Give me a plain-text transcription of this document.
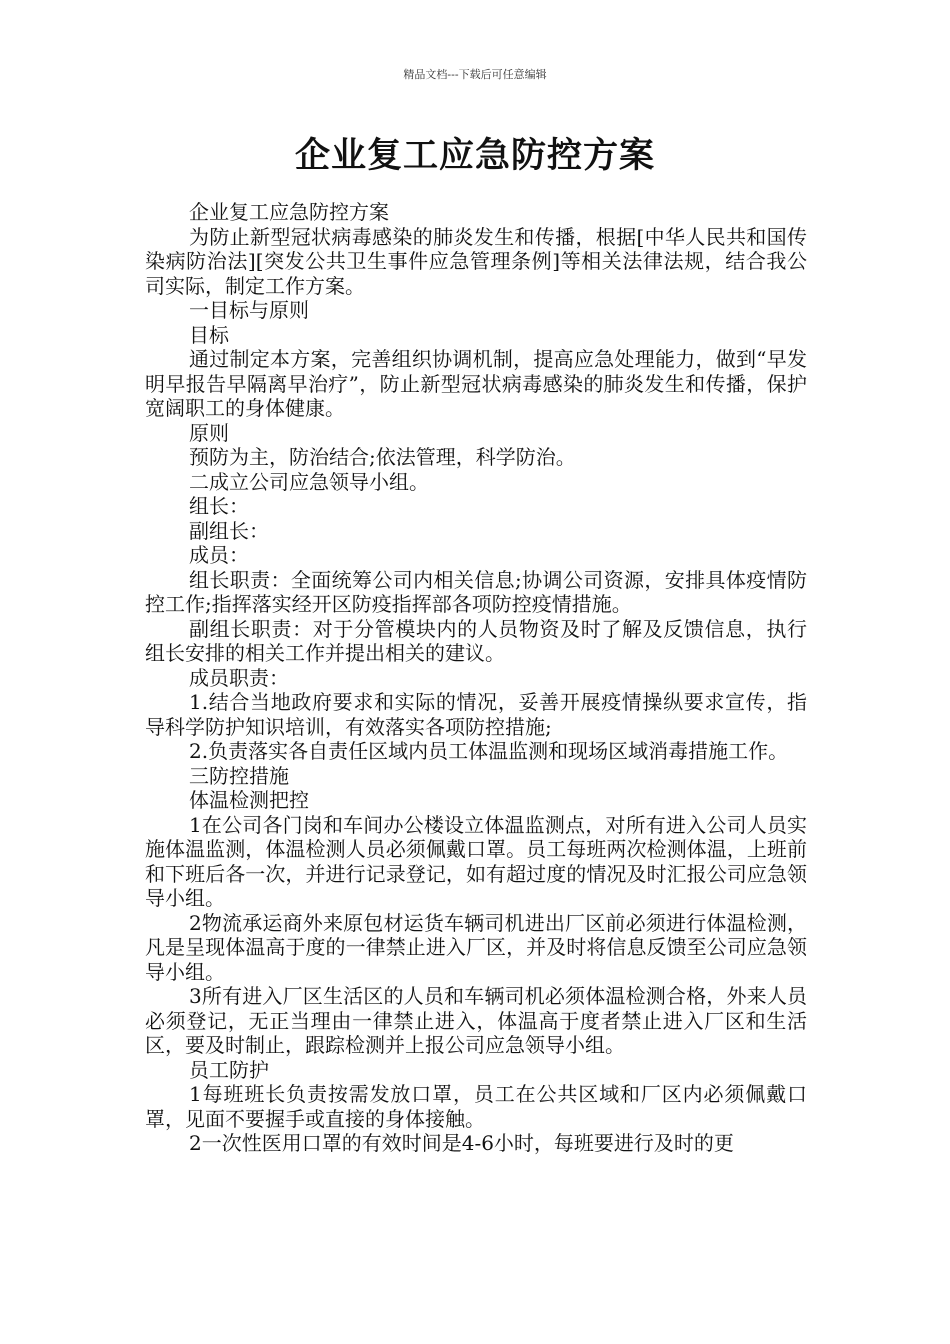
精品文档---下载后可任意编辑
企业复工应急防控方案

企业复工应急防控方案

为防止新型冠状病毒感染的肺炎发生和传播，根据[中华人民共和国传染病防治法][突发公共卫生事件应急管理条例]等相关法律法规，结合我公司实际，制定工作方案。

一目标与原则

目标

通过制定本方案，完善组织协调机制，提高应急处理能力，做到“早发明早报告早隔离早治疗”，防止新型冠状病毒感染的肺炎发生和传播，保护宽阔职工的身体健康。

原则

预防为主，防治结合;依法管理，科学防治。

二成立公司应急领导小组。

组长：

副组长：

成员：

组长职责：全面统筹公司内相关信息;协调公司资源，安排具体疫情防控工作;指挥落实经开区防疫指挥部各项防控疫情措施。

副组长职责：对于分管模块内的人员物资及时了解及反馈信息，执行组长安排的相关工作并提出相关的建议。

成员职责：

1.结合当地政府要求和实际的情况，妥善开展疫情操纵要求宣传，指导科学防护知识培训，有效落实各项防控措施;

2.负责落实各自责任区域内员工体温监测和现场区域消毒措施工作。

三防控措施

体温检测把控

1在公司各门岗和车间办公楼设立体温监测点，对所有进入公司人员实施体温监测，体温检测人员必须佩戴口罩。员工每班两次检测体温，上班前和下班后各一次，并进行记录登记，如有超过度的情况及时汇报公司应急领导小组。

2物流承运商外来原包材运货车辆司机进出厂区前必须进行体温检测，凡是呈现体温高于度的一律禁止进入厂区，并及时将信息反馈至公司应急领导小组。

3所有进入厂区生活区的人员和车辆司机必须体温检测合格，外来人员必须登记，无正当理由一律禁止进入，体温高于度者禁止进入厂区和生活区，要及时制止，跟踪检测并上报公司应急领导小组。

员工防护

1每班班长负责按需发放口罩，员工在公共区域和厂区内必须佩戴口罩，见面不要握手或直接的身体接触。

2一次性医用口罩的有效时间是4-6小时，每班要进行及时的更
